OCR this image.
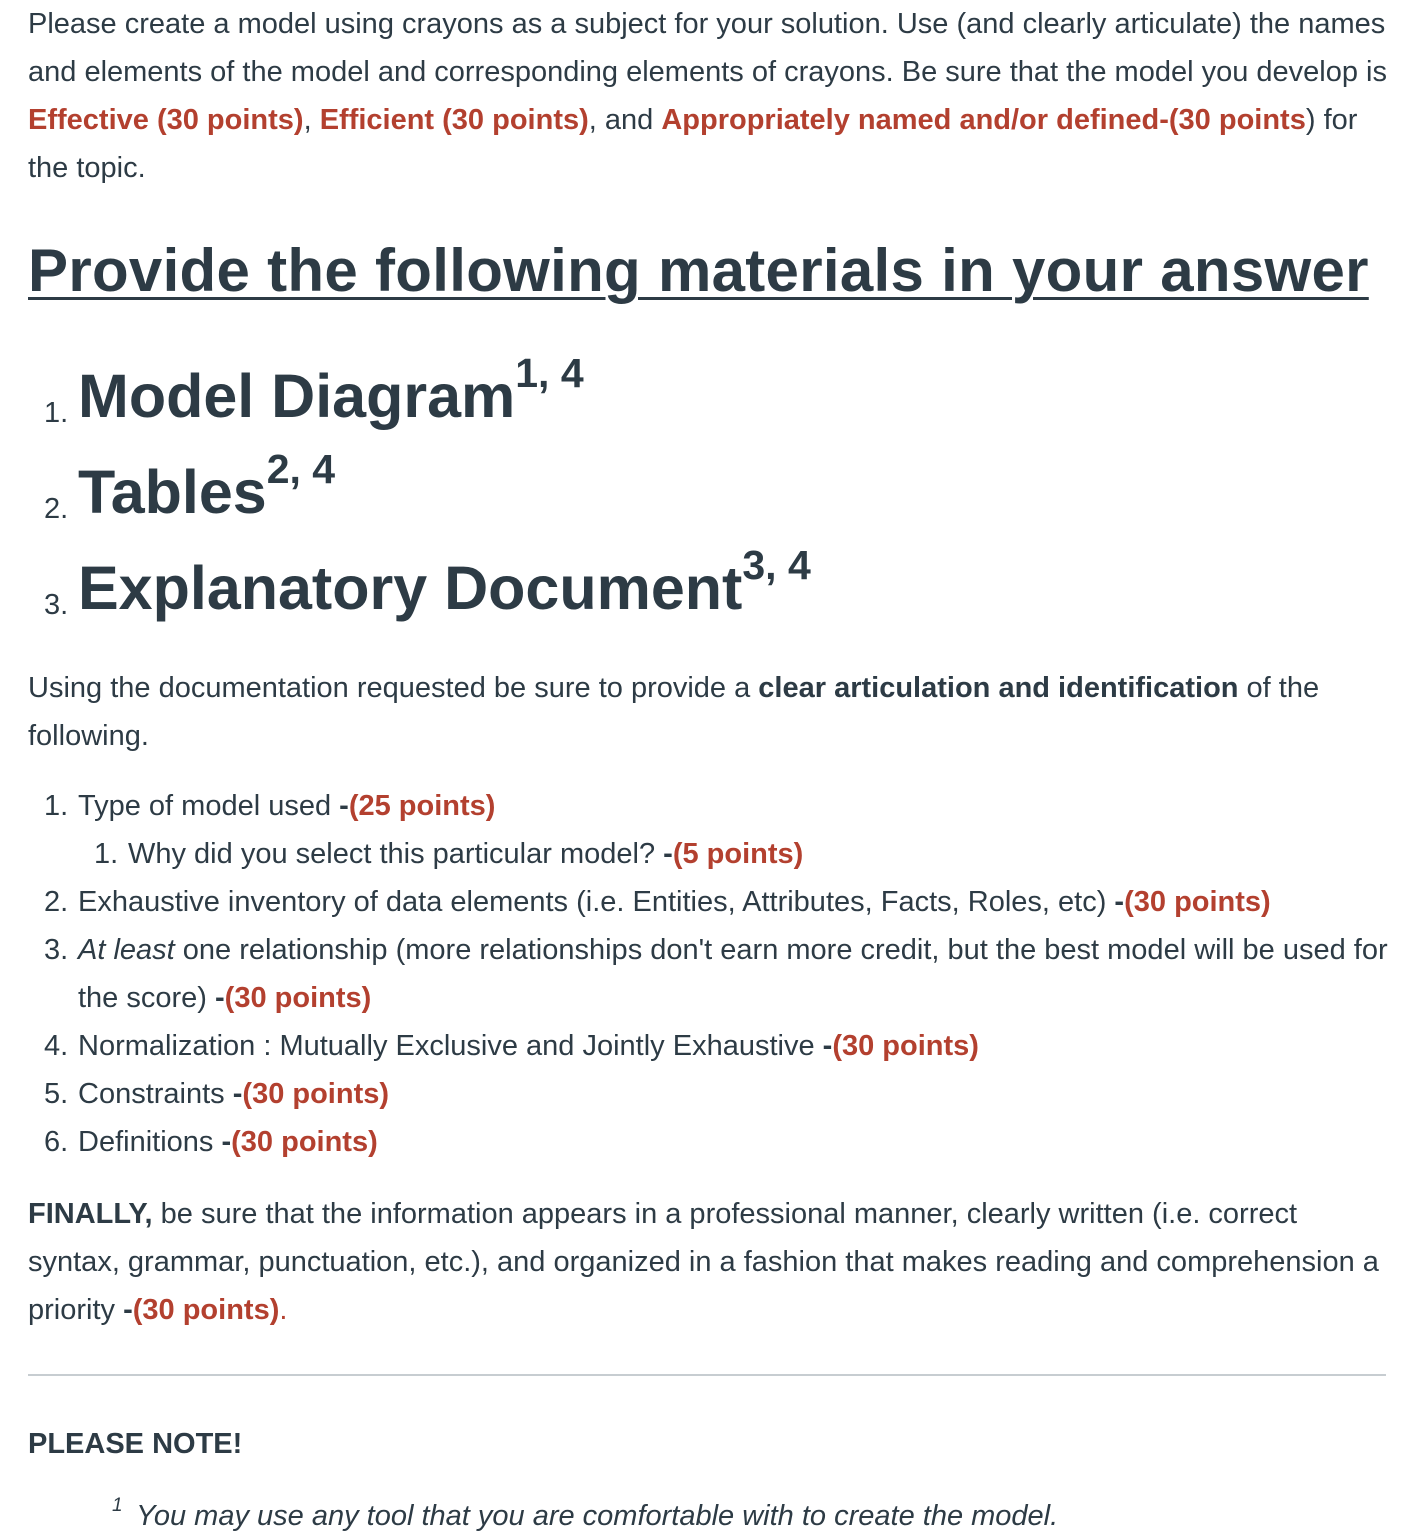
Please create a model using crayons as a subject for your solution. Use (and clearly articulate) the names and elements of the model and corresponding elements of crayons. Be sure that the model you develop is Effective (30 points), Efficient (30 points), and Appropriately named and/or defined-(30 points) for the topic.

Provide the following materials in your answer
1. Model Diagram$^{1, 4}$
2. Tables$^{2, 4}$
3. Explanatory Document$^{3, 4}$

Using the documentation requested be sure to provide a clear articulation and identification of the following.

1. Type of model used -(25 points)
1. Why did you select this particular model? -(5 points)
2. Exhaustive inventory of data elements (i.e. Entities, Attributes, Facts, Roles, etc) -(30 points)
3. At least one relationship (more relationships don't earn more credit, but the best model will be used for the score) -(30 points)
4. Normalization : Mutually Exclusive and Jointly Exhaustive -(30 points)
5. Constraints -(30 points)
6. Definitions -(30 points)

FINALLY, be sure that the information appears in a professional manner, clearly written (i.e. correct syntax, grammar, punctuation, etc.), and organized in a fashion that makes reading and comprehension a priority -(30 points).

PLEASE NOTE!
$^1$ You may use any tool that you are comfortable with to create the model.
